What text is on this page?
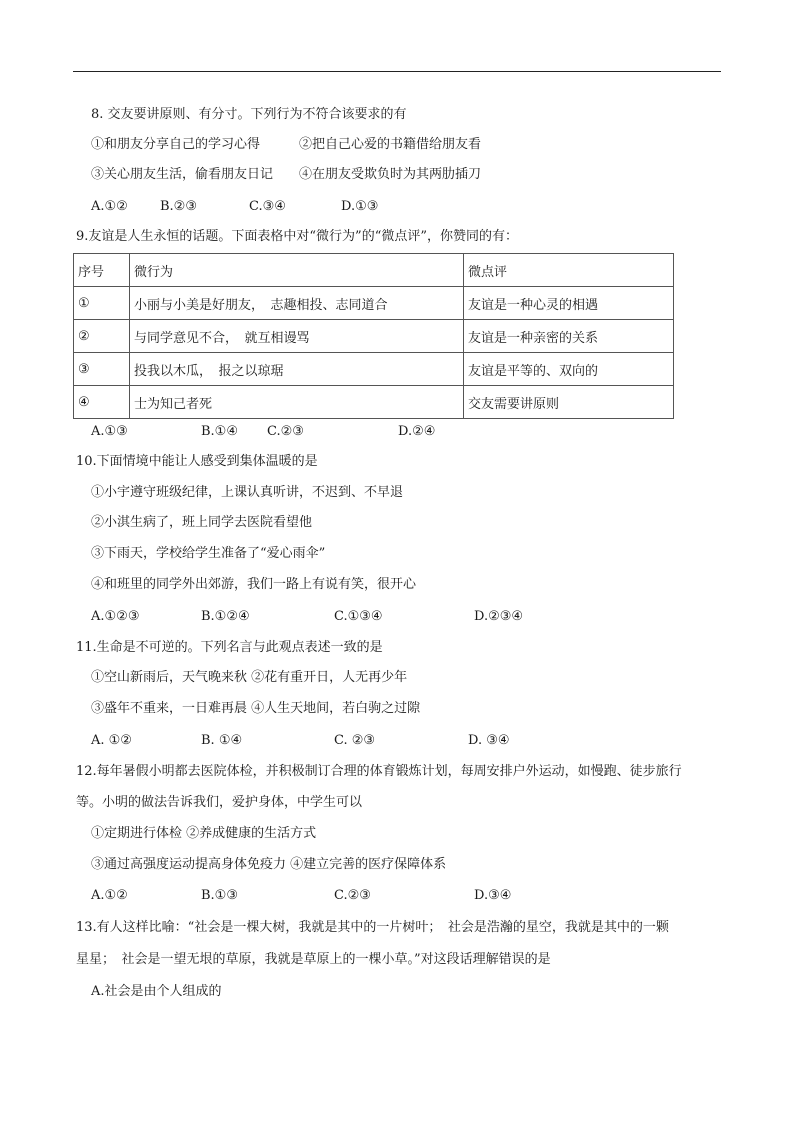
8. 交友要讲原则、有分寸。下列行为不符合该要求的有
①和朋友分享自己的学习心得　　　②把自己心爱的书籍借给朋友看
③关心朋友生活，偷看朋友日记　　④在朋友受欺负时为其两肋插刀
A.①② B.②③	C.③④	D.①③
9.友谊是人生永恒的话题。下面表格中对“微行为”的“微点评”，你赞同的有：
序号	微行为	微点评
①	小丽与小美是好朋友，　志趣相投、志同道合	友谊是一种心灵的相遇
②	与同学意见不合，　就互相谩骂	友谊是一种亲密的关系
③	投我以木瓜，　报之以琼琚	友谊是平等的、双向的
④	士为知己者死	交友需要讲原则
A.①③	B.①④ C.②③	D.②④
10.下面情境中能让人感受到集体温暖的是
①小宇遵守班级纪律，上课认真听讲，不迟到、不早退
②小淇生病了，班上同学去医院看望他
③下雨天，学校给学生准备了“爱心雨伞”
④和班里的同学外出郊游，我们一路上有说有笑，很开心
A.①②③	B.①②④	C.①③④	D.②③④
11.生命是不可逆的。下列名言与此观点表述一致的是
①空山新雨后，天气晚来秋 ②花有重开日，人无再少年
③盛年不重来，一日难再晨 ④人生天地间，若白驹之过隙
A. ①②	B. ①④	C. ②③	D. ③④
12.每年暑假小明都去医院体检，并积极制订合理的体育锻炼计划，每周安排户外运动，如慢跑、徒步旅行
等。小明的做法告诉我们，爱护身体，中学生可以
①定期进行体检 ②养成健康的生活方式
③通过高强度运动提高身体免疫力 ④建立完善的医疗保障体系
A.①②	B.①③	C.②③	D.③④
13.有人这样比喻：“社会是一棵大树，我就是其中的一片树叶；　社会是浩瀚的星空，我就是其中的一颗
星星；　社会是一望无垠的草原，我就是草原上的一棵小草。”对这段话理解错误的是
A.社会是由个人组成的
